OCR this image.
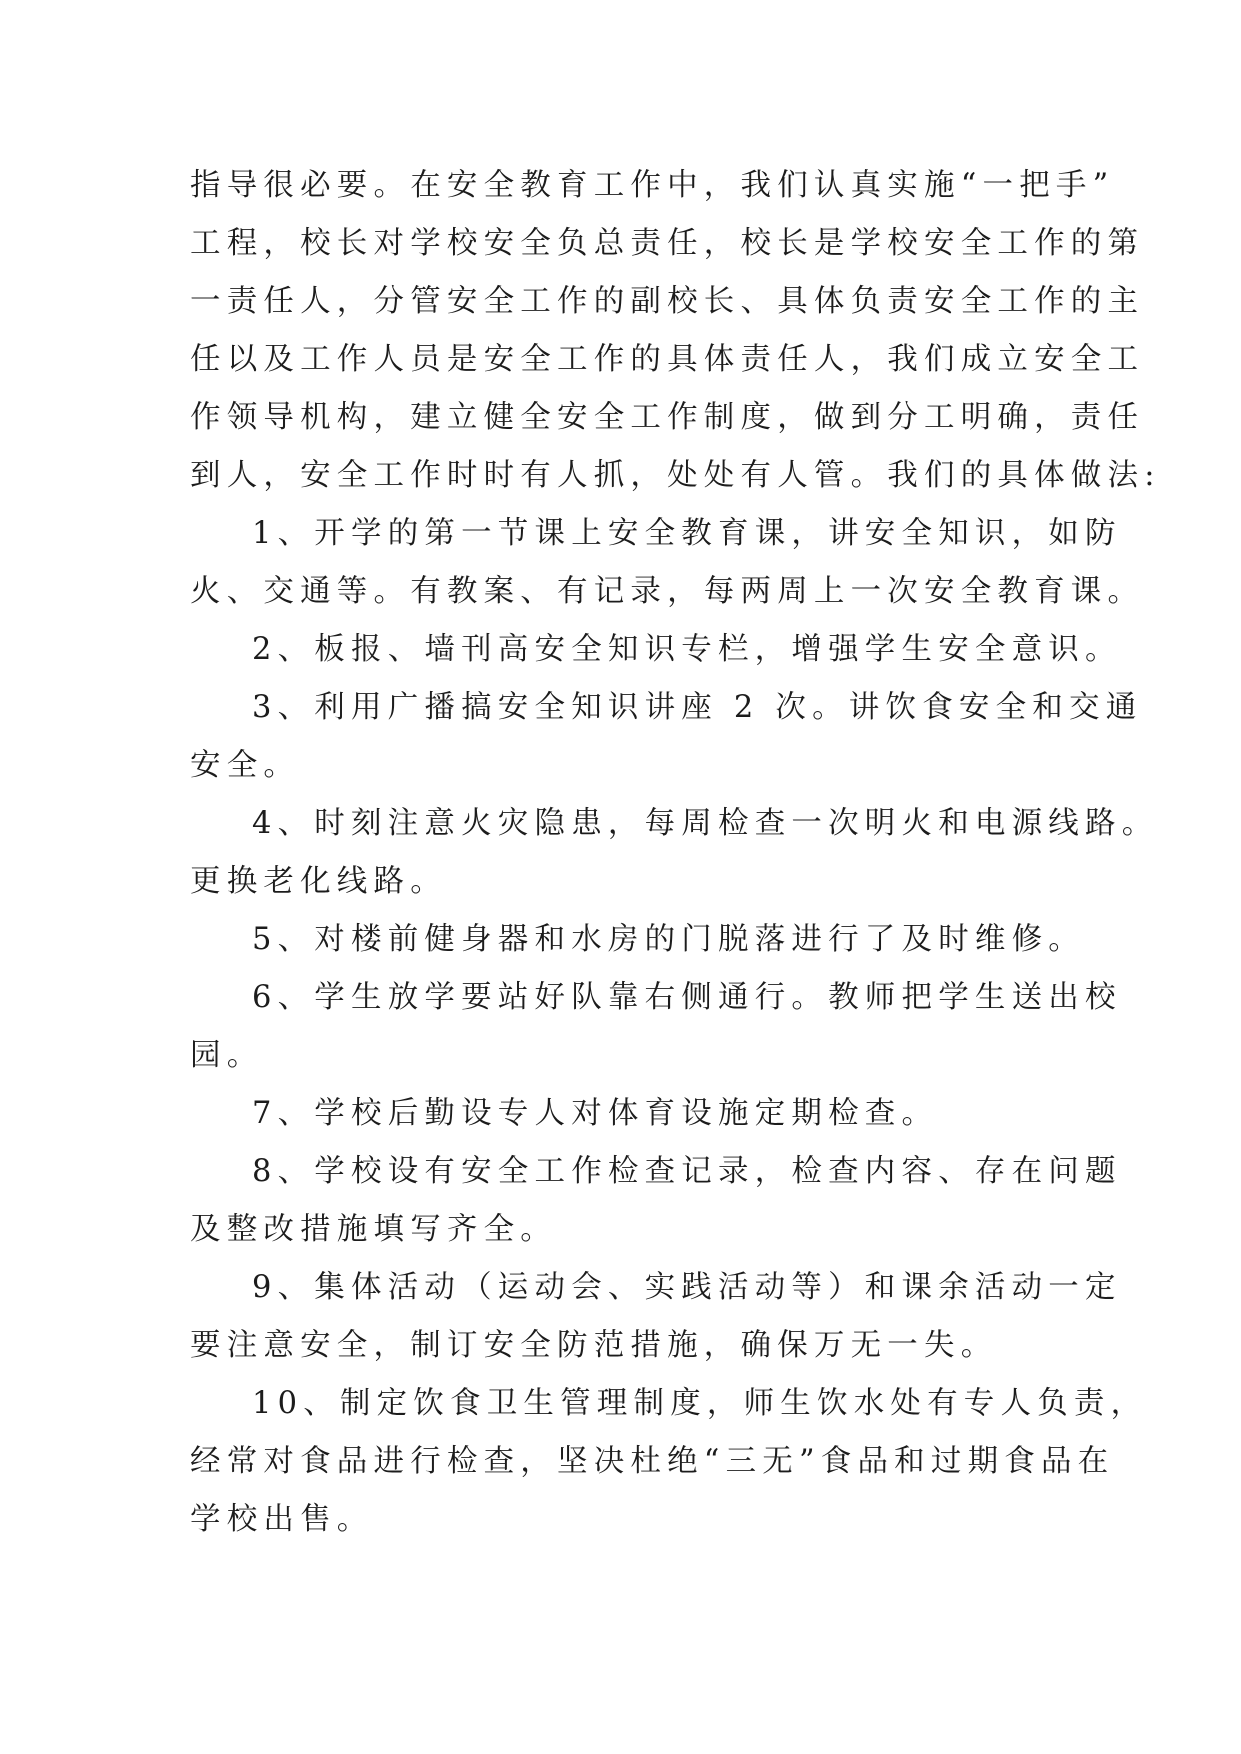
指导很必要。在安全教育工作中，我们认真实施“一把手”
工程，校长对学校安全负总责任，校长是学校安全工作的第
一责任人，分管安全工作的副校长、具体负责安全工作的主
任以及工作人员是安全工作的具体责任人，我们成立安全工
作领导机构，建立健全安全工作制度，做到分工明确，责任
到人，安全工作时时有人抓，处处有人管。我们的具体做法:
1、开学的第一节课上安全教育课，讲安全知识，如防
火、交通等。有教案、有记录，每两周上一次安全教育课。
2、板报、墙刊高安全知识专栏，增强学生安全意识。
3、利用广播搞安全知识讲座 2 次。讲饮食安全和交通
安全。
4、时刻注意火灾隐患，每周检查一次明火和电源线路。
更换老化线路。
5、对楼前健身器和水房的门脱落进行了及时维修。
6、学生放学要站好队靠右侧通行。教师把学生送出校
园。
7、学校后勤设专人对体育设施定期检查。
8、学校设有安全工作检查记录，检查内容、存在问题
及整改措施填写齐全。
9、集体活动（运动会、实践活动等）和课余活动一定
要注意安全，制订安全防范措施，确保万无一失。
10、制定饮食卫生管理制度，师生饮水处有专人负责，
经常对食品进行检查，坚决杜绝“三无”食品和过期食品在
学校出售。
